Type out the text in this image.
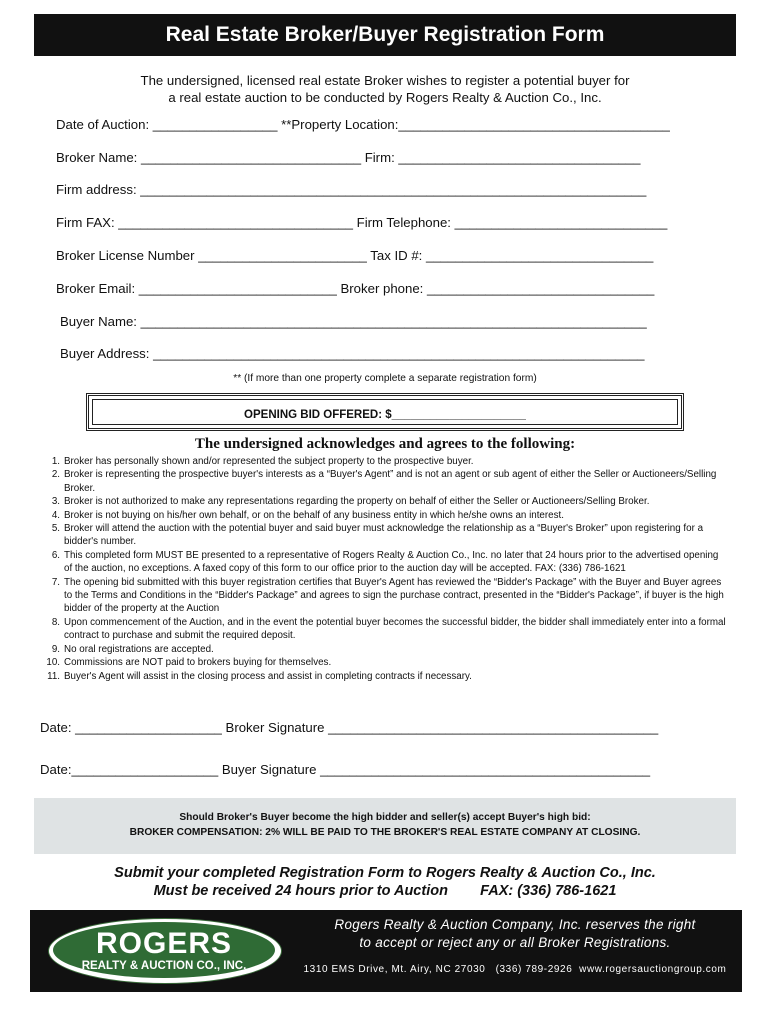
Real Estate Broker/Buyer Registration Form
The undersigned, licensed real estate Broker wishes to register a potential buyer for
a real estate auction to be conducted by Rogers Realty & Auction Co., Inc.
Date of Auction: _________________ **Property Location:_____________________________________
Broker Name: ______________________________ Firm: _________________________________
Firm address: _____________________________________________________________________
Firm FAX: ________________________________ Firm Telephone: _____________________________
Broker License Number _______________________ Tax ID #: _______________________________
Broker Email: ___________________________ Broker phone: _______________________________
Buyer Name: _____________________________________________________________________
Buyer Address: ___________________________________________________________________
** (If more than one property complete a separate registration form)
OPENING BID OFFERED: $_____________________
The undersigned acknowledges and agrees to the following:
1. Broker has personally shown and/or represented the subject property to the prospective buyer.
2. Broker is representing the prospective buyer's interests as a “Buyer's Agent” and is not an agent or sub agent of either the Seller or Auctioneers/Selling Broker.
3. Broker is not authorized to make any representations regarding the property on behalf of either the Seller or Auctioneers/Selling Broker.
4. Broker is not buying on his/her own behalf, or on the behalf of any business entity in which he/she owns an interest.
5. Broker will attend the auction with the potential buyer and said buyer must acknowledge the relationship as a “Buyer's Broker” upon registering for a bidder's number.
6. This completed form MUST BE presented to a representative of Rogers Realty & Auction Co., Inc. no later that 24 hours prior to the advertised opening of the auction, no exceptions. A faxed copy of this form to our office prior to the auction day will be accepted. FAX: (336) 786-1621
7. The opening bid submitted with this buyer registration certifies that Buyer's Agent has reviewed the “Bidder's Package” with the Buyer and Buyer agrees to the Terms and Conditions in the “Bidder's Package” and agrees to sign the purchase contract, presented in the “Bidder's Package”, if buyer is the high bidder of the property at the Auction
8. Upon commencement of the Auction, and in the event the potential buyer becomes the successful bidder, the bidder shall immediately enter into a formal contract to purchase and submit the required deposit.
9. No oral registrations are accepted.
10. Commissions are NOT paid to brokers buying for themselves.
11. Buyer's Agent will assist in the closing process and assist in completing contracts if necessary.
Date: ____________________ Broker Signature _____________________________________________
Date:____________________ Buyer Signature _____________________________________________
Should Broker's Buyer become the high bidder and seller(s) accept Buyer's high bid:
BROKER COMPENSATION: 2% WILL BE PAID TO THE BROKER'S REAL ESTATE COMPANY AT CLOSING.
Submit your completed Registration Form to Rogers Realty & Auction Co., Inc.
Must be received 24 hours prior to Auction        FAX: (336) 786-1621
ROGERS
REALTY & AUCTION CO., INC.
Rogers Realty & Auction Company, Inc. reserves the right
to accept or reject any or all Broker Registrations.
1310 EMS Drive, Mt. Airy, NC 27030   (336) 789-2926  www.rogersauctiongroup.com
